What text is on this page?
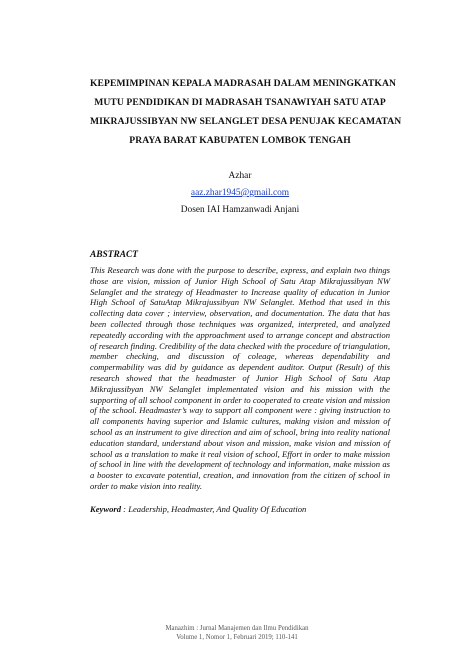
KEPEMIMPINAN KEPALA MADRASAH DALAM MENINGKATKAN
MUTU PENDIDIKAN DI MADRASAH TSANAWIYAH SATU ATAP
MIKRAJUSSIBYAN NW SELANGLET DESA PENUJAK KECAMATAN
PRAYA BARAT KABUPATEN LOMBOK TENGAH
Azhar
aaz.zhar1945@gmail.com
Dosen IAI Hamzanwadi Anjani
ABSTRACT
This Research was done with the purpose to describe, express, and explain two things those are vision, mission of Junior High School of Satu Atap Mikrajussibyan NW Selanglet and the strategy of Headmaster to Increase quality of education in Junior High School of SatuAtap Mikrajussibyan NW Selanglet. Method that used in this collecting data cover ; interview, observation, and documentation. The data that has been collected through those techniques was organized, interpreted, and analyzed repeatedly according with the approachment used to arrange concept and abstraction of research finding. Credibility of the data checked with the procedure of triangulation, member checking, and discussion of coleage, whereas dependability and compermability was did by guidance as dependent auditor. Output (Result) of this research showed that the headmaster of Junior High School of Satu Atap Mikrajussibyan NW Selanglet implementated vision and his mission with the supporting of all school component in order to cooperated to create vision and mission of the school. Headmaster’s way to support all component were : giving instruction to all components having superior and Islamic cultures, making vision and mission of school as an instrument to give direction and aim of school, bring into reality national education standard, understand about vison and mission, make vision and mission of school as a translation to make it real vision of school, Effort in order to make mission of school in line with the development of technology and information, make mission as a booster to excavate potential, creation, and innovation from the citizen of school in order to make vision into reality.
Keyword : Leadership, Headmaster, And Quality Of Education
Manazhim : Jurnal Manajemen dan Ilmu Pendidikan
Volume 1, Nomor 1, Februari 2019; 110-141
